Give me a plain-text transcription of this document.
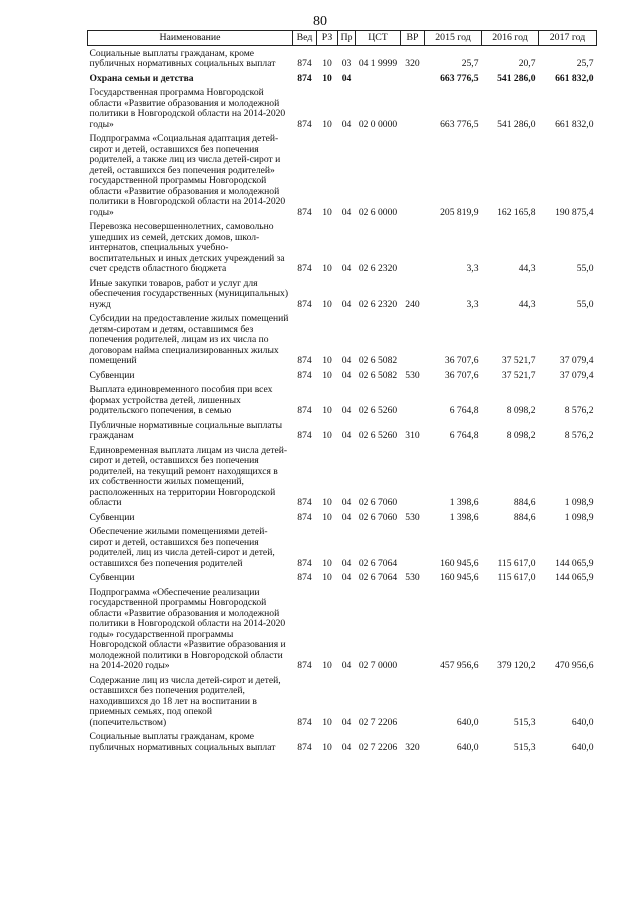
80
Наименование	Вед	РЗ	Пр	ЦСТ	ВР	2015 год	2016 год	2017 год
Социальные выплаты гражданам, кроме публичных нормативных социальных выплат	874	10	03	04 1 9999	320	25,7	20,7	25,7
Охрана семьи и детства	874	10	04			663 776,5	541 286,0	661 832,0
Государственная программа Новгородской области «Развитие образования и молодежной политики в Новгородской области на 2014-2020 годы»	874	10	04	02 0 0000		663 776,5	541 286,0	661 832,0
Подпрограмма «Социальная адаптация детей-сирот и детей, оставшихся без попечения родителей, а также лиц из числа детей-сирот и детей, оставшихся без попечения родителей» государственной программы Новгородской области «Развитие образования и молодежной политики в Новгородской области на 2014-2020 годы»	874	10	04	02 6 0000		205 819,9	162 165,8	190 875,4
Перевозка несовершеннолетних, самовольно ушедших из семей, детских домов, школ-интернатов, специальных учебно-воспитательных и иных детских учреждений за счет средств областного бюджета	874	10	04	02 6 2320		3,3	44,3	55,0
Иные закупки товаров, работ и услуг для обеспечения государственных (муниципальных) нужд	874	10	04	02 6 2320	240	3,3	44,3	55,0
Субсидии на предоставление жилых помещений детям-сиротам и детям, оставшимся без попечения родителей, лицам из их числа по договорам найма специализированных жилых помещений	874	10	04	02 6 5082		36 707,6	37 521,7	37 079,4
Субвенции	874	10	04	02 6 5082	530	36 707,6	37 521,7	37 079,4
Выплата единовременного пособия при всех формах устройства детей, лишенных родительского попечения, в семью	874	10	04	02 6 5260		6 764,8	8 098,2	8 576,2
Публичные нормативные социальные выплаты гражданам	874	10	04	02 6 5260	310	6 764,8	8 098,2	8 576,2
Единовременная выплата лицам из числа детей-сирот и детей, оставшихся без попечения родителей, на текущий ремонт находящихся в их собственности жилых помещений, расположенных на территории Новгородской области	874	10	04	02 6 7060		1 398,6	884,6	1 098,9
Субвенции	874	10	04	02 6 7060	530	1 398,6	884,6	1 098,9
Обеспечение жилыми помещениями детей-сирот и детей, оставшихся без попечения родителей, лиц из числа детей-сирот и детей, оставшихся без попечения родителей	874	10	04	02 6 7064		160 945,6	115 617,0	144 065,9
Субвенции	874	10	04	02 6 7064	530	160 945,6	115 617,0	144 065,9
Подпрограмма «Обеспечение реализации государственной программы Новгородской области «Развитие образования и молодежной политики в Новгородской области на 2014-2020 годы» государственной программы Новгородской области «Развитие образования и молодежной политики в Новгородской области на 2014-2020 годы»	874	10	04	02 7 0000		457 956,6	379 120,2	470 956,6
Содержание лиц из числа детей-сирот и детей, оставшихся без попечения родителей, находившихся до 18 лет на воспитании в приемных семьях, под опекой (попечительством)	874	10	04	02 7 2206		640,0	515,3	640,0
Социальные выплаты гражданам, кроме публичных нормативных социальных выплат	874	10	04	02 7 2206	320	640,0	515,3	640,0
